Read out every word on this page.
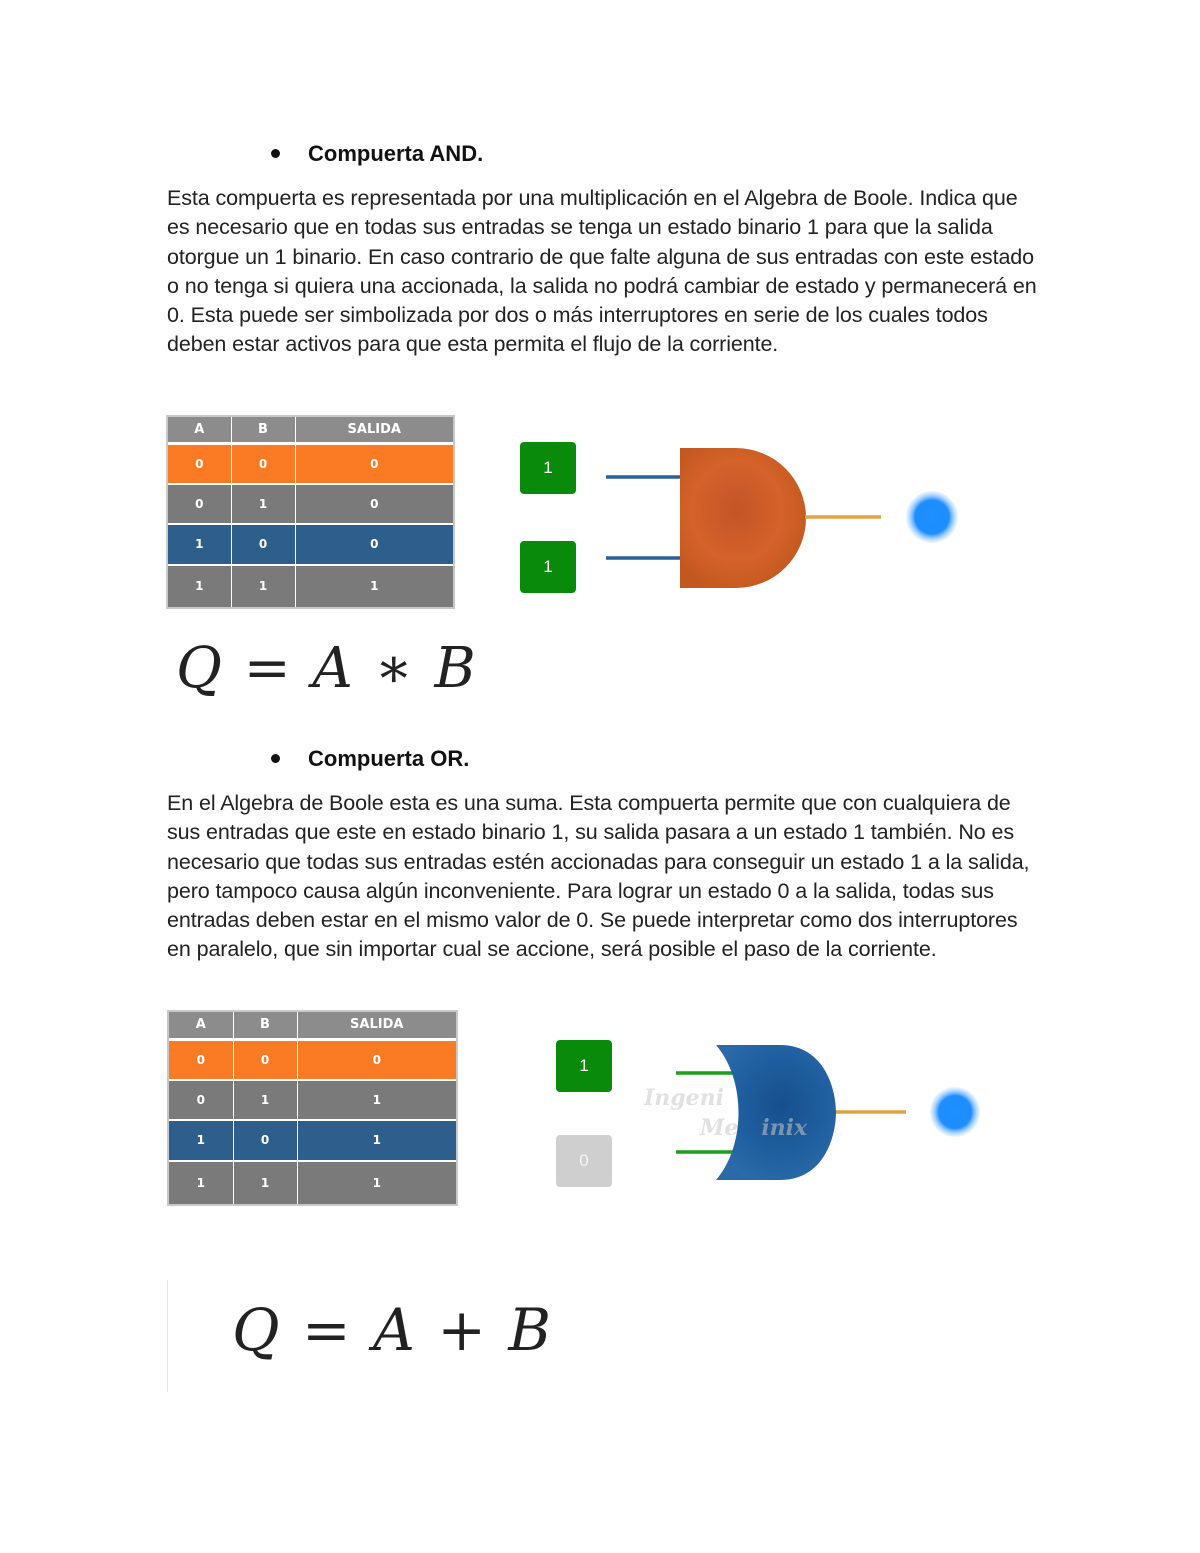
Compuerta AND.
Esta compuerta es representada por una multiplicación en el Algebra de Boole. Indica que es necesario que en todas sus entradas se tenga un estado binario 1 para que la salida otorgue un 1 binario. En caso contrario de que falte alguna de sus entradas con este estado o no tenga si quiera una accionada, la salida no podrá cambiar de estado y permanecerá en 0. Esta puede ser simbolizada por dos o más interruptores en serie de los cuales todos deben estar activos para que esta permita el flujo de la corriente.
A	B	SALIDA
0	0	0
0	1	0
1	0	0
1	1	1
1
1
Q = A ∗ B
Compuerta OR.
En el Algebra de Boole esta es una suma. Esta compuerta permite que con cualquiera de sus entradas que este en estado binario 1, su salida pasara a un estado 1 también. No es necesario que todas sus entradas estén accionadas para conseguir un estado 1 a la salida, pero tampoco causa algún inconveniente. Para lograr un estado 0 a la salida, todas sus entradas deben estar en el mismo valor de 0. Se puede interpretar como dos interruptores en paralelo, que sin importar cual se accione, será posible el paso de la corriente.
A	B	SALIDA
0	0	0
0	1	1
1	0	1
1	1	1
1
0
Ingeni
Me   inix
Q = A + B
